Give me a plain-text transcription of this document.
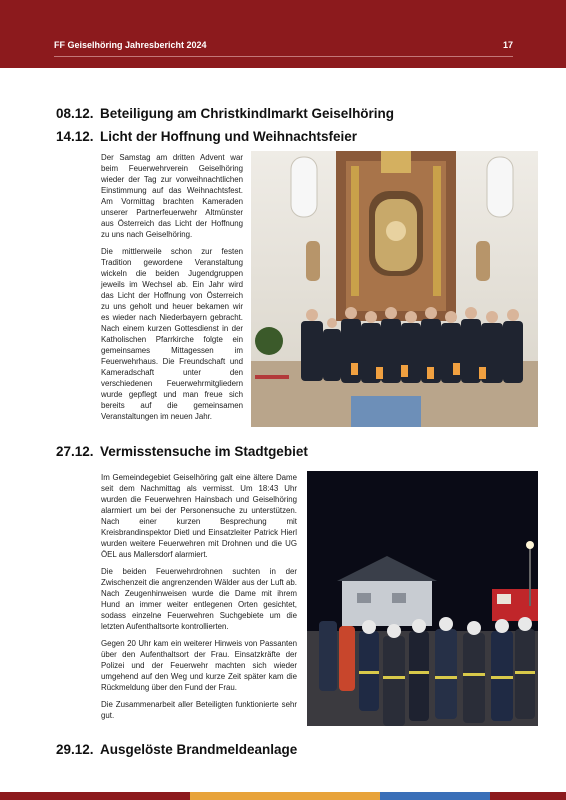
FF Geiselhöring Jahresbericht 2024	17
08.12. Beteiligung am Christkindlmarkt Geiselhöring
14.12. Licht der Hoffnung und Weihnachtsfeier

Der Samstag am dritten Advent war beim Feuerwehrverein Geiselhöring wieder der Tag zur vorweihnachtlichen Einstimmung auf das Weihnachtsfest. Am Vormittag brachten Kameraden unserer Partnerfeuerwehr Altmünster aus Österreich das Licht der Hoffnung zu uns nach Geiselhöring.

Die mittlerweile schon zur festen Tradition gewordene Veranstaltung wickeln die beiden Jugendgruppen jeweils im Wechsel ab. Ein Jahr wird das Licht der Hoffnung von Österreich zu uns geholt und heuer bekamen wir es wieder nach Niederbayern gebracht. Nach einem kurzen Gottesdienst in der Katholischen Pfarrkirche folgte ein gemeinsames Mittagessen im Feuerwehrhaus. Die Freundschaft und Kameradschaft unter den verschiedenen Feuerwehrmitgliedern wurde gepflegt und man freue sich bereits auf die gemeinsamen Veranstaltungen im neuen Jahr.

27.12. Vermisstensuche im Stadtgebiet

Im Gemeindegebiet Geiselhöring galt eine ältere Dame seit dem Nachmittag als vermisst. Um 18:43 Uhr wurden die Feuerwehren Hainsbach und Geiselhöring alarmiert um bei der Personensuche zu unterstützen. Nach einer kurzen Besprechung mit Kreisbrandinspektor Dietl und Einsatzleiter Patrick Hierl wurden weitere Feuerwehren mit Drohnen und die UG ÖEL aus Mallersdorf alarmiert.

Die beiden Feuerwehrdrohnen suchten in der Zwischenzeit die angrenzenden Wälder aus der Luft ab. Nach Zeugenhinweisen wurde die Dame mit ihrem Hund an immer weiter entlegenen Orten gesichtet, sodass einzelne Feuerwehren Suchgebiete um die letzten Aufenthaltsorte kontrollierten.

Gegen 20 Uhr kam ein weiterer Hinweis von Passanten über den Aufenthaltsort der Frau. Einsatzkräfte der Polizei und der Feuerwehr machten sich wieder umgehend auf den Weg und kurze Zeit später kam die Rückmeldung über den Fund der Frau.

Die Zusammenarbeit aller Beteiligten funktionierte sehr gut.

29.12. Ausgelöste Brandmeldeanlage
